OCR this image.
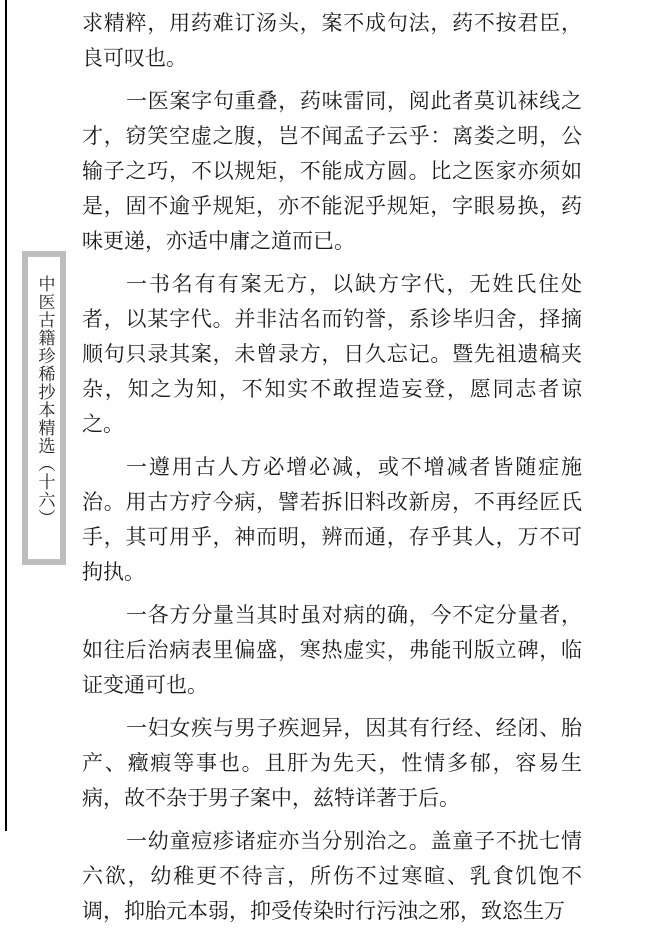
中医古籍珍稀抄本精选（十六）

求精粹，用药难订汤头，案不成句法，药不按君臣，良可叹也。

一医案字句重叠，药味雷同，阅此者莫讥袜线之才，窃笑空虚之腹，岂不闻孟子云乎：离娄之明，公输子之巧，不以规矩，不能成方圆。比之医家亦须如是，固不逾乎规矩，亦不能泥乎规矩，字眼易换，药味更递，亦适中庸之道而已。

一书名有有案无方，以缺方字代，无姓氏住处者，以某字代。并非沽名而钓誉，系诊毕归舍，择摘顺句只录其案，未曾录方，日久忘记。暨先祖遗稿夹杂，知之为知，不知实不敢捏造妄登，愿同志者谅之。

一遵用古人方必增必减，或不增减者皆随症施治。用古方疗今病，譬若拆旧料改新房，不再经匠氏手，其可用乎，神而明，辨而通，存乎其人，万不可拘执。

一各方分量当其时虽对病的确，今不定分量者，如往后治病表里偏盛，寒热虚实，弗能刊版立碑，临证变通可也。

一妇女疾与男子疾迥异，因其有行经、经闭、胎产、癥瘕等事也。且肝为先天，性情多郁，容易生病，故不杂于男子案中，兹特详著于后。

一幼童痘疹诸症亦当分别治之。盖童子不扰七情六欲，幼稚更不待言，所伤不过寒暄、乳食饥饱不调，抑胎元本弱，抑受传染时行污浊之邪，致恣生万
